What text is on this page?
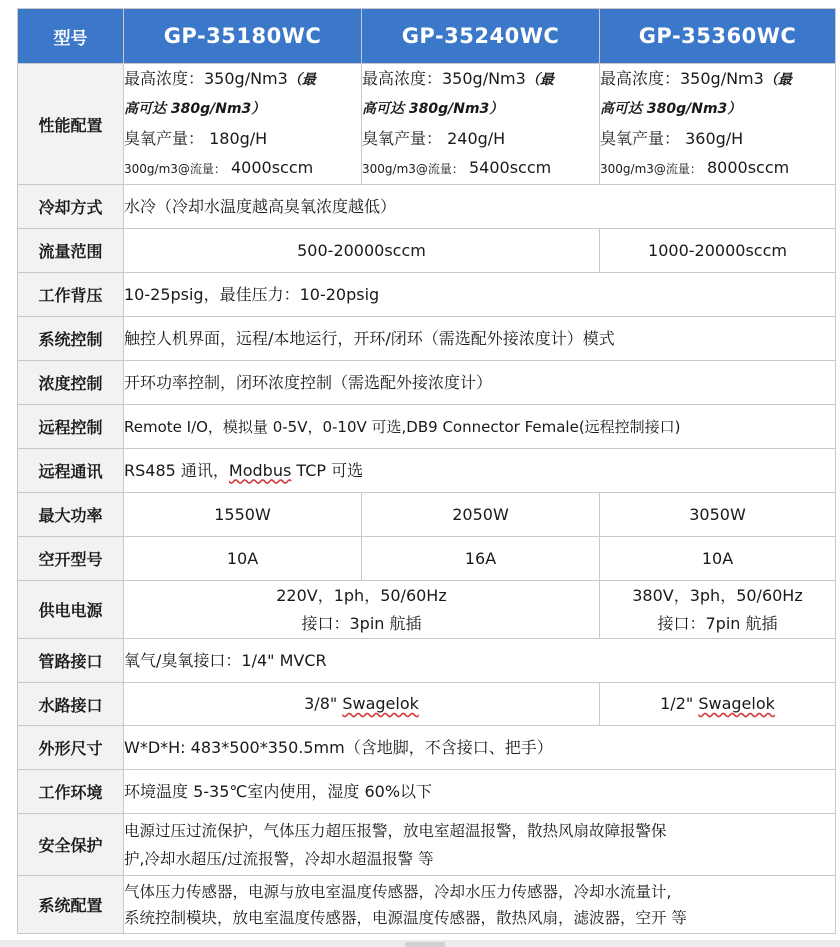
型号	GP-35180WC	GP-35240WC	GP-35360WC
性能配置	最高浓度：350g/Nm3（最
高可达 380g/Nm3）
臭氧产量： 180g/H
300g/m3@流量： 4000sccm	最高浓度：350g/Nm3（最
高可达 380g/Nm3）
臭氧产量： 240g/H
300g/m3@流量： 5400sccm	最高浓度：350g/Nm3（最
高可达 380g/Nm3）
臭氧产量： 360g/H
300g/m3@流量： 8000sccm

冷却方式	水冷（冷却水温度越高臭氧浓度越低）		
流量范围	500-20000sccm		1000-20000sccm
工作背压	10-25psig，最佳压力：10-20psig		
系统控制	触控人机界面，远程/本地运行，开环/闭环（需选配外接浓度计）模式		
浓度控制	开环功率控制，闭环浓度控制（需选配外接浓度计）		
远程控制	Remote I/O，模拟量 0-5V，0-10V 可选,DB9 Connector Female(远程控制接口)		
远程通讯	RS485 通讯，Modbus TCP 可选		
最大功率	1550W	2050W	3050W
空开型号	10A	16A	10A
供电电源	220V，1ph，50/60Hz
接口：3pin 航插		380V，3ph，50/60Hz
接口：7pin 航插

管路接口	氧气/臭氧接口：1/4" MVCR		
水路接口	3/8" Swagelok		1/2" Swagelok
外形尺寸	W*D*H: 483*500*350.5mm（含地脚，不含接口、把手）		
工作环境	环境温度 5-35℃室内使用，湿度 60%以下		
安全保护	电源过压过流保护，气体压力超压报警，放电室超温报警，散热风扇故障报警保
护,冷却水超压/过流报警，冷却水超温报警 等		

系统配置	气体压力传感器，电源与放电室温度传感器，冷却水压力传感器，冷却水流量计,
系统控制模块，放电室温度传感器，电源温度传感器，散热风扇，滤波器，空开 等		
